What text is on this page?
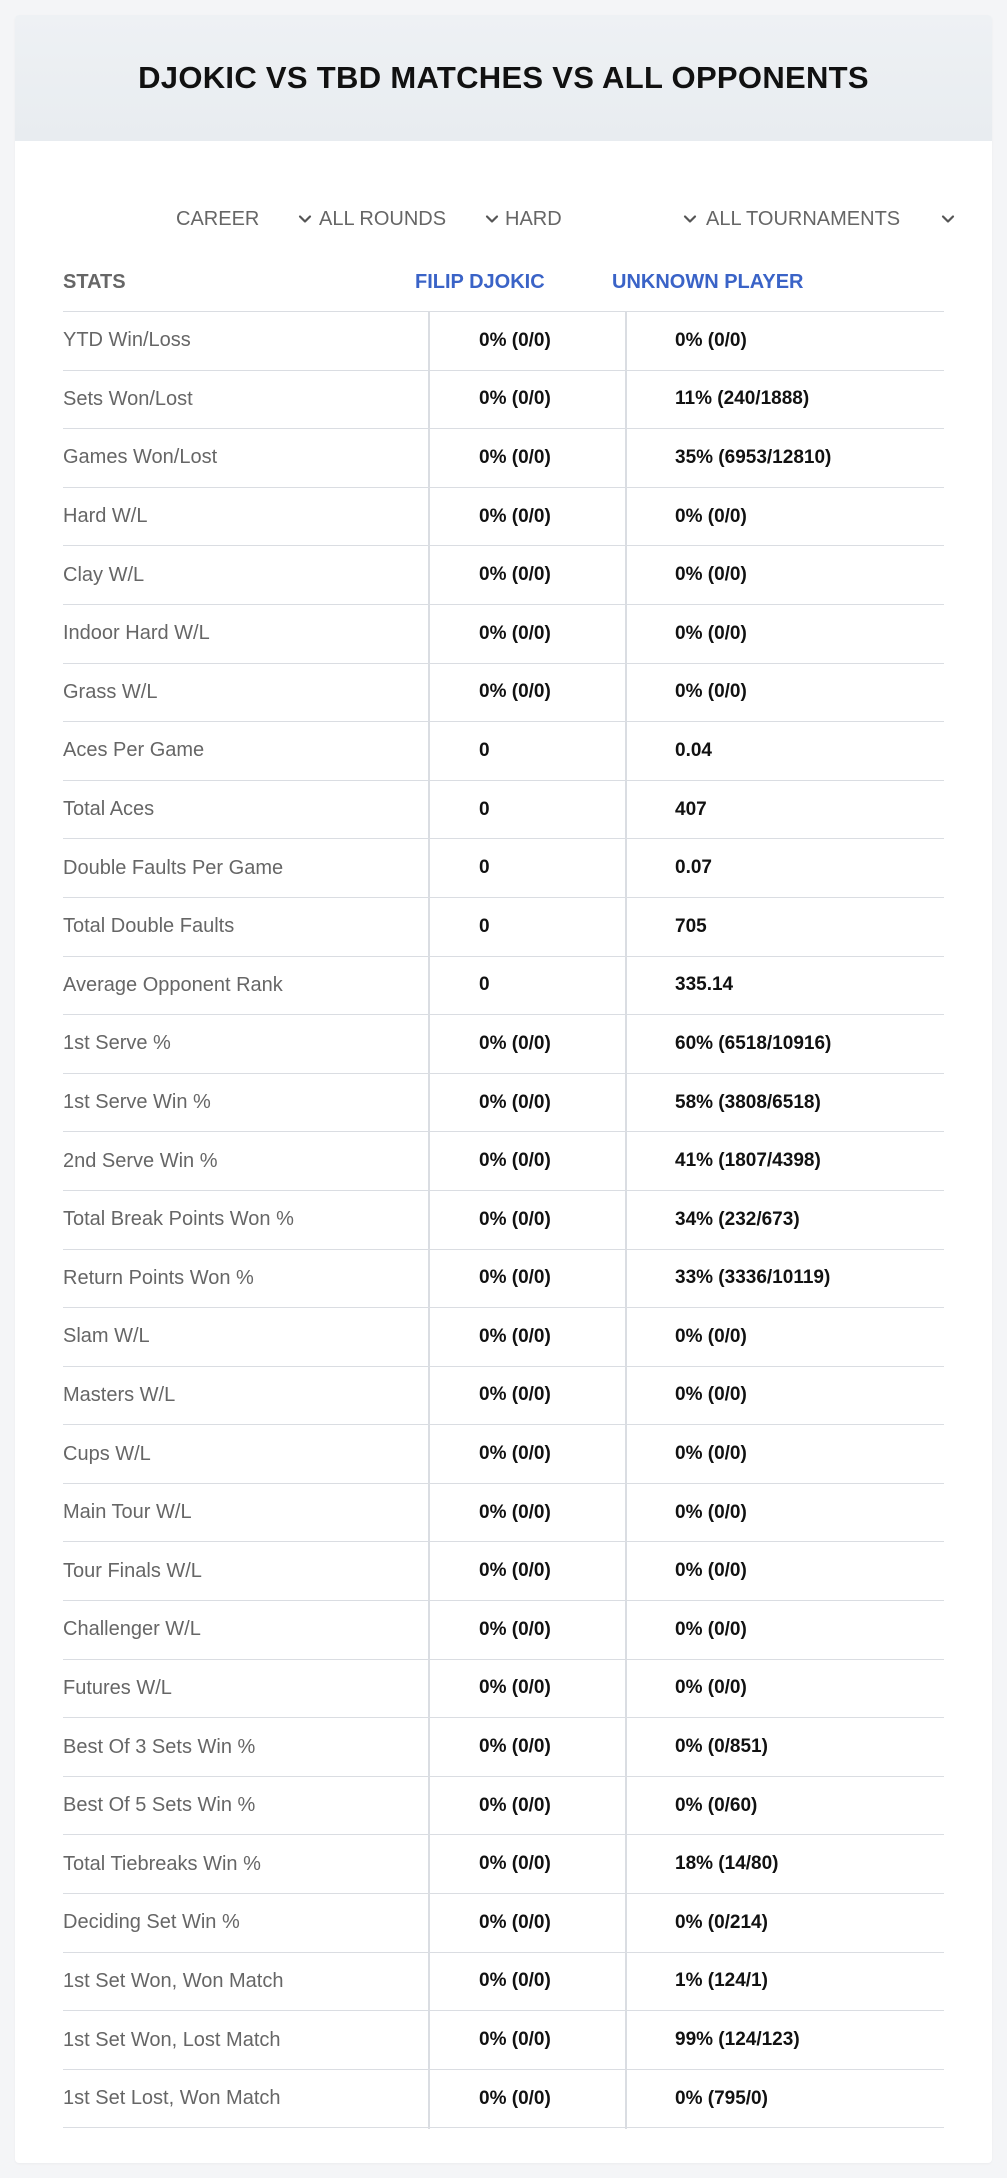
DJOKIC VS TBD MATCHES VS ALL OPPONENTS
CAREER	ALL ROUNDS	HARD	ALL TOURNAMENTS
STATS	FILIP DJOKIC	UNKNOWN PLAYER
YTD Win/Loss	0% (0/0)	0% (0/0)
Sets Won/Lost	0% (0/0)	11% (240/1888)
Games Won/Lost	0% (0/0)	35% (6953/12810)
Hard W/L	0% (0/0)	0% (0/0)
Clay W/L	0% (0/0)	0% (0/0)
Indoor Hard W/L	0% (0/0)	0% (0/0)
Grass W/L	0% (0/0)	0% (0/0)
Aces Per Game	0	0.04
Total Aces	0	407
Double Faults Per Game	0	0.07
Total Double Faults	0	705
Average Opponent Rank	0	335.14
1st Serve %	0% (0/0)	60% (6518/10916)
1st Serve Win %	0% (0/0)	58% (3808/6518)
2nd Serve Win %	0% (0/0)	41% (1807/4398)
Total Break Points Won %	0% (0/0)	34% (232/673)
Return Points Won %	0% (0/0)	33% (3336/10119)
Slam W/L	0% (0/0)	0% (0/0)
Masters W/L	0% (0/0)	0% (0/0)
Cups W/L	0% (0/0)	0% (0/0)
Main Tour W/L	0% (0/0)	0% (0/0)
Tour Finals W/L	0% (0/0)	0% (0/0)
Challenger W/L	0% (0/0)	0% (0/0)
Futures W/L	0% (0/0)	0% (0/0)
Best Of 3 Sets Win %	0% (0/0)	0% (0/851)
Best Of 5 Sets Win %	0% (0/0)	0% (0/60)
Total Tiebreaks Win %	0% (0/0)	18% (14/80)
Deciding Set Win %	0% (0/0)	0% (0/214)
1st Set Won, Won Match	0% (0/0)	1% (124/1)
1st Set Won, Lost Match	0% (0/0)	99% (124/123)
1st Set Lost, Won Match	0% (0/0)	0% (795/0)
